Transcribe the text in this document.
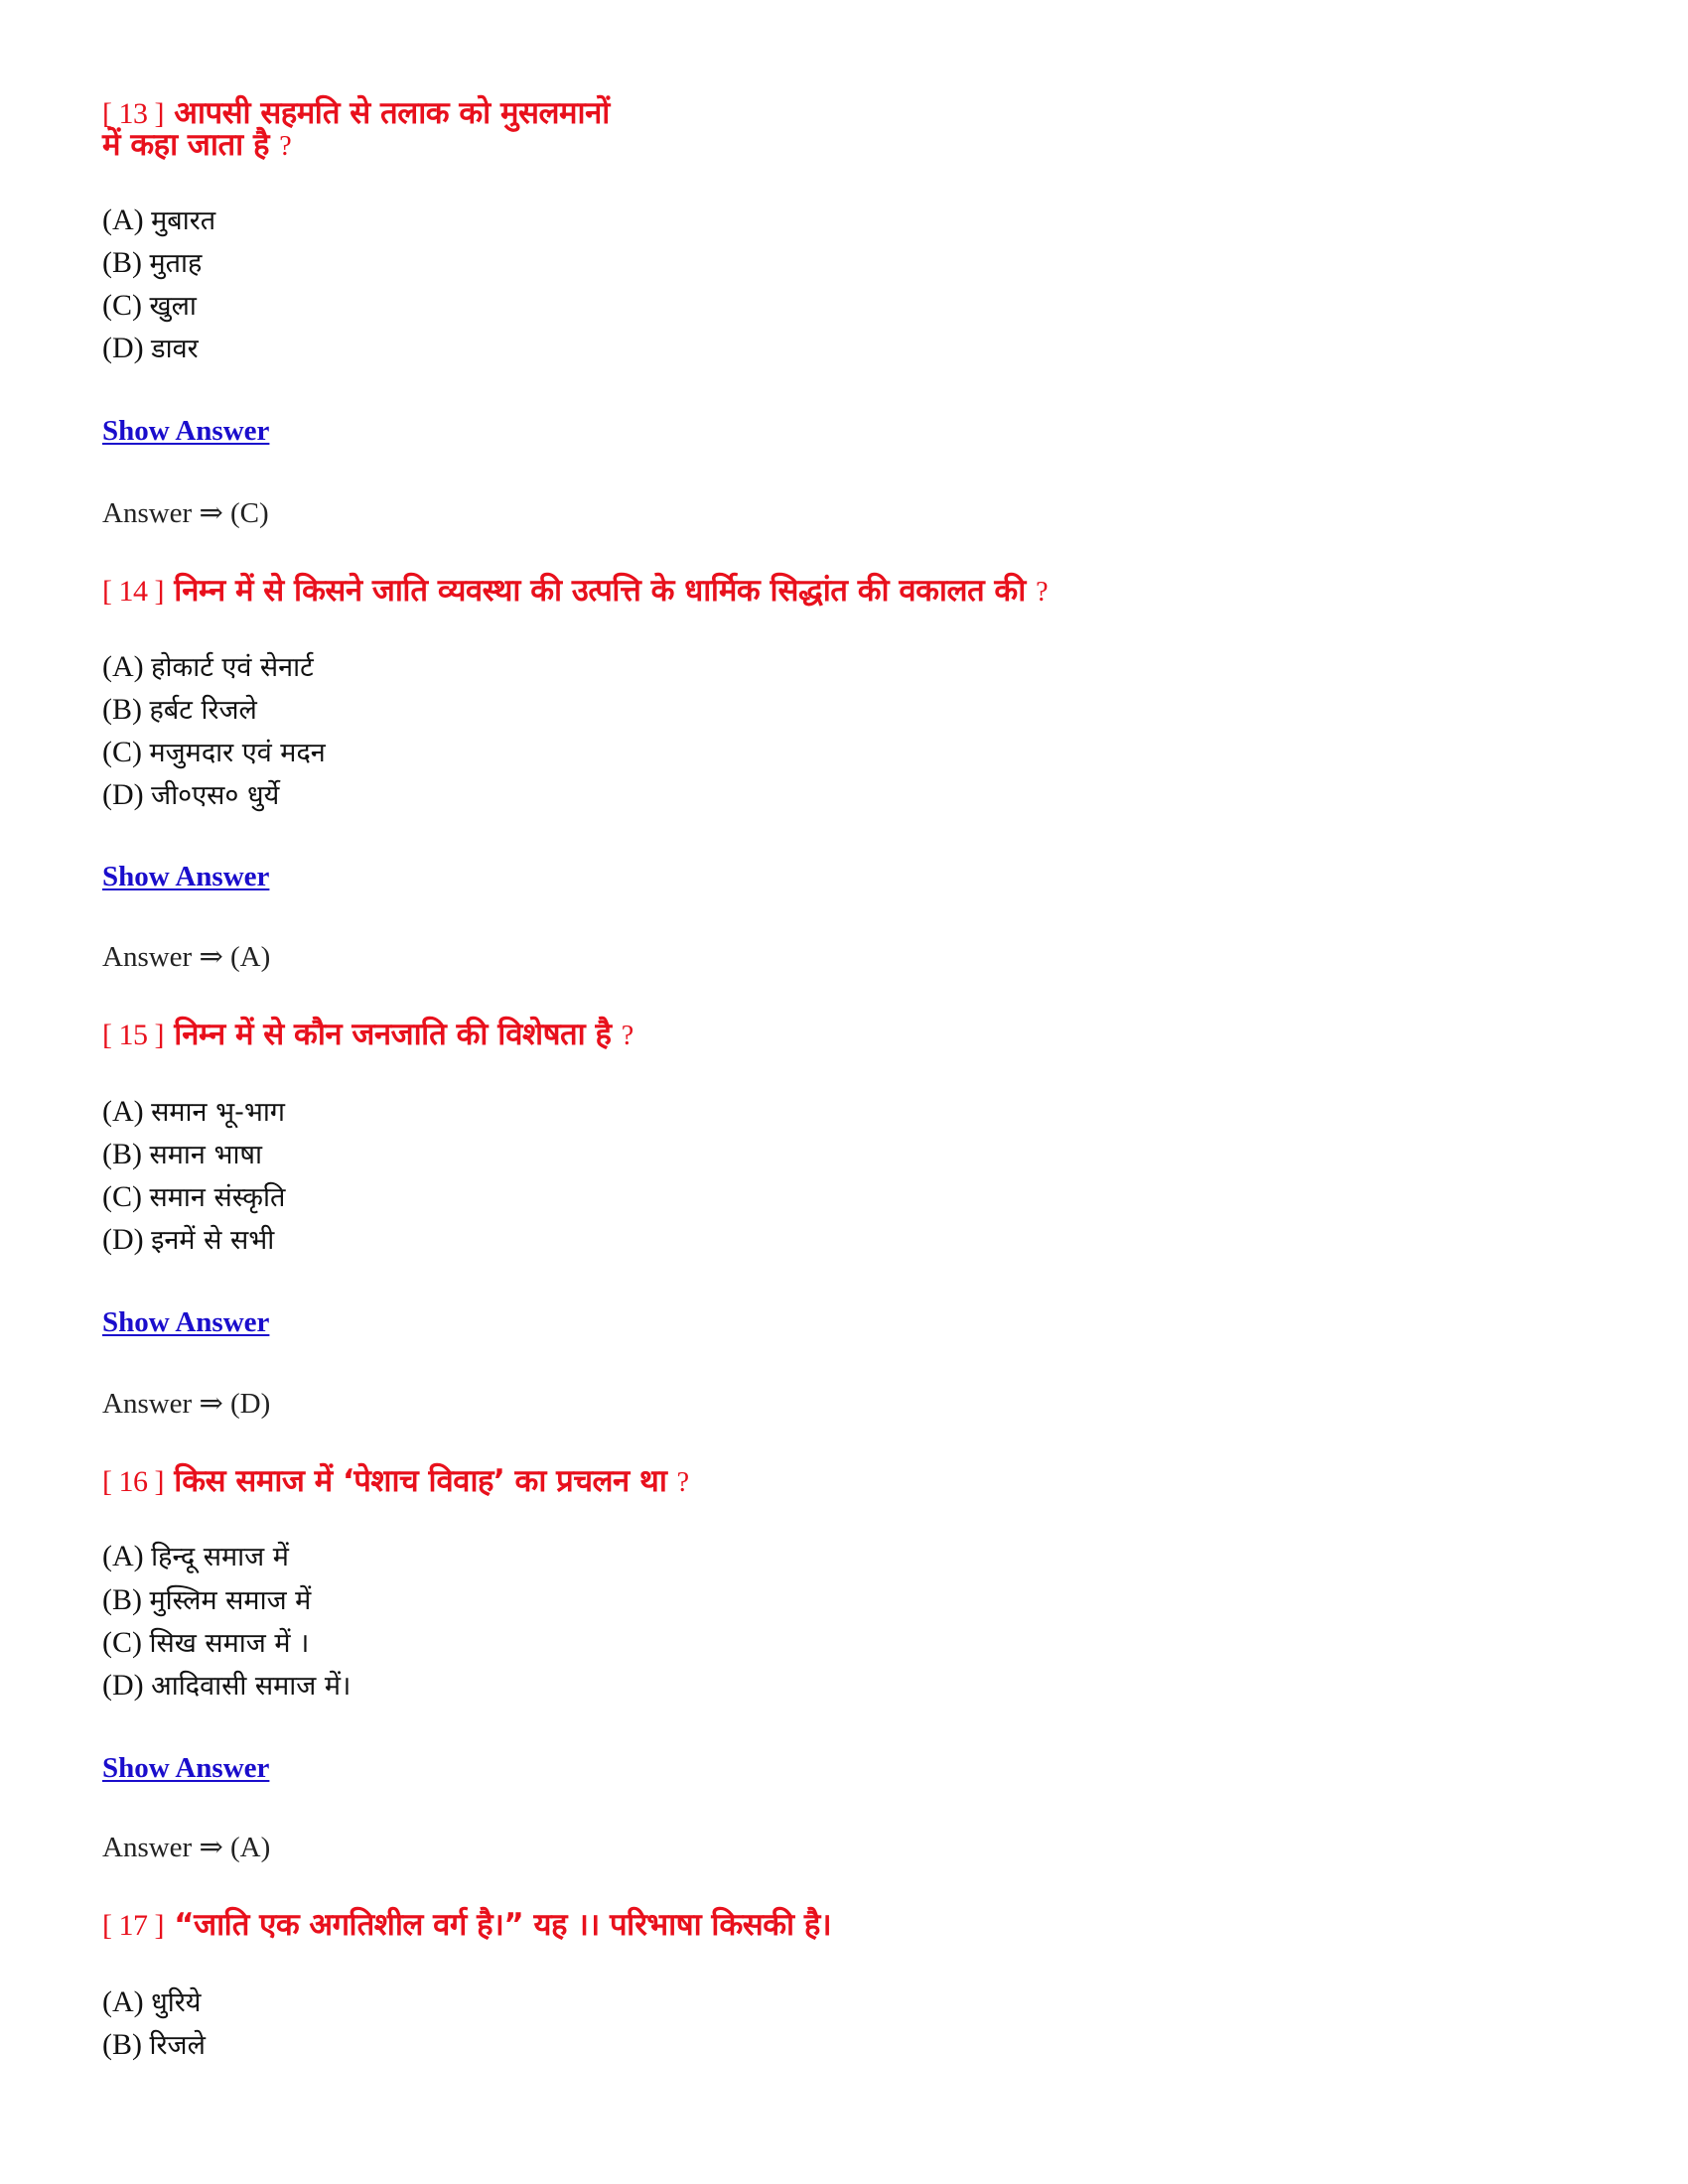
[ 13 ] आपसी सहमति से तलाक को मुसलमानों
में कहा जाता है ?
(A) मुबारत
(B) मुताह
(C) खुला
(D) डावर
Show Answer
Answer ⇒ (C)
[ 14 ] निम्न में से किसने जाति व्यवस्था की उत्पत्ति के धार्मिक सिद्धांत की वकालत की ?
(A) होकार्ट एवं सेनार्ट
(B) हर्बट रिजले
(C) मजुमदार एवं मदन
(D) जी०एस० धुर्ये
Show Answer
Answer ⇒ (A)
[ 15 ] निम्न में से कौन जनजाति की विशेषता है ?
(A) समान भू-भाग
(B) समान भाषा
(C) समान संस्कृति
(D) इनमें से सभी
Show Answer
Answer ⇒ (D)
[ 16 ] किस समाज में ‘पेशाच विवाह’ का प्रचलन था ?
(A) हिन्दू समाज में
(B) मुस्लिम समाज में
(C) सिख समाज में ।
(D) आदिवासी समाज में।
Show Answer
Answer ⇒ (A)
[ 17 ] “जाति एक अगतिशील वर्ग है।” यह ।। परिभाषा किसकी है।
(A) धुरिये
(B) रिजले
